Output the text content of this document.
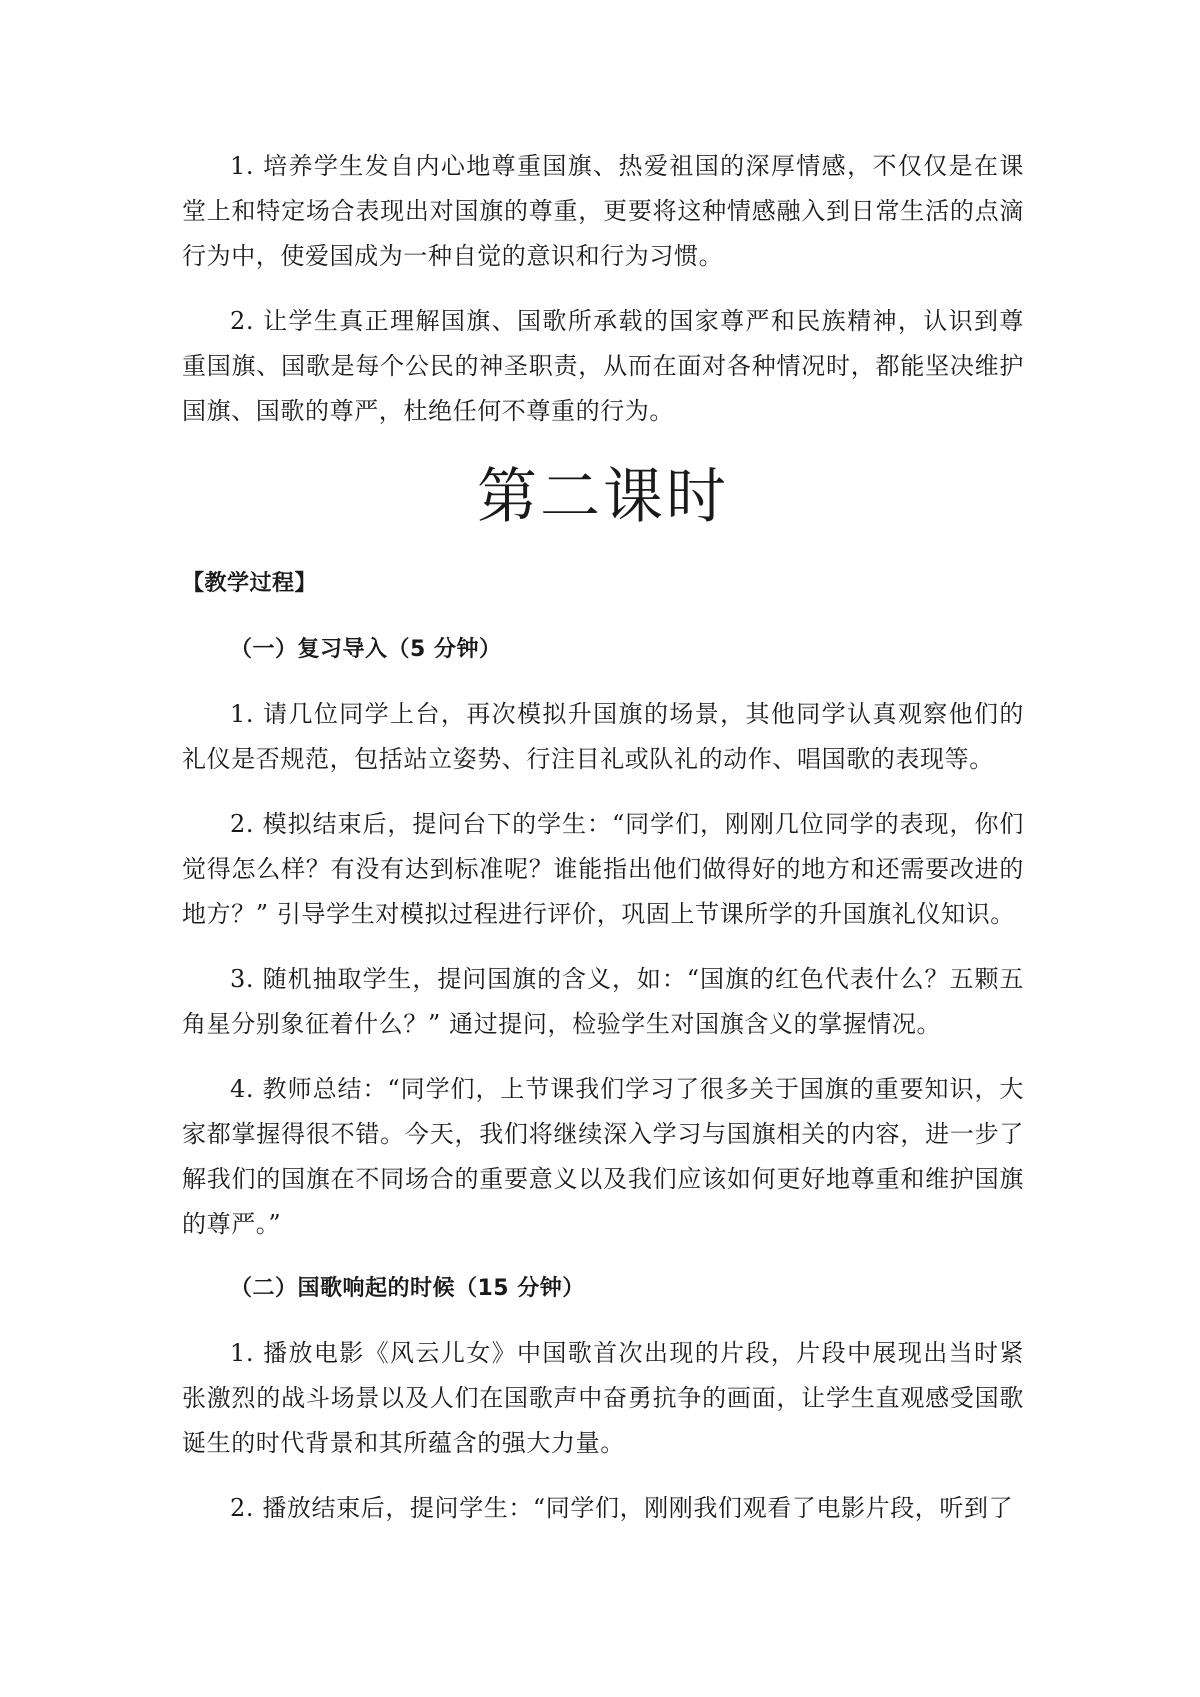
1. 培养学生发自内心地尊重国旗、热爱祖国的深厚情感，不仅仅是在课堂上和特定场合表现出对国旗的尊重，更要将这种情感融入到日常生活的点滴行为中，使爱国成为一种自觉的意识和行为习惯。

2. 让学生真正理解国旗、国歌所承载的国家尊严和民族精神，认识到尊重国旗、国歌是每个公民的神圣职责，从而在面对各种情况时，都能坚决维护国旗、国歌的尊严，杜绝任何不尊重的行为。

第二课时
【教学过程】
（一）复习导入（5 分钟）

1. 请几位同学上台，再次模拟升国旗的场景，其他同学认真观察他们的礼仪是否规范，包括站立姿势、行注目礼或队礼的动作、唱国歌的表现等。

2. 模拟结束后，提问台下的学生：“同学们，刚刚几位同学的表现，你们觉得怎么样？有没有达到标准呢？谁能指出他们做得好的地方和还需要改进的地方？” 引导学生对模拟过程进行评价，巩固上节课所学的升国旗礼仪知识。

3. 随机抽取学生，提问国旗的含义，如：“国旗的红色代表什么？五颗五角星分别象征着什么？” 通过提问，检验学生对国旗含义的掌握情况。

4. 教师总结：“同学们，上节课我们学习了很多关于国旗的重要知识，大家都掌握得很不错。今天，我们将继续深入学习与国旗相关的内容，进一步了解我们的国旗在不同场合的重要意义以及我们应该如何更好地尊重和维护国旗的尊严。”

（二）国歌响起的时候（15 分钟）

1. 播放电影《风云儿女》中国歌首次出现的片段，片段中展现出当时紧张激烈的战斗场景以及人们在国歌声中奋勇抗争的画面，让学生直观感受国歌诞生的时代背景和其所蕴含的强大力量。

2. 播放结束后，提问学生：“同学们，刚刚我们观看了电影片段，听到了
